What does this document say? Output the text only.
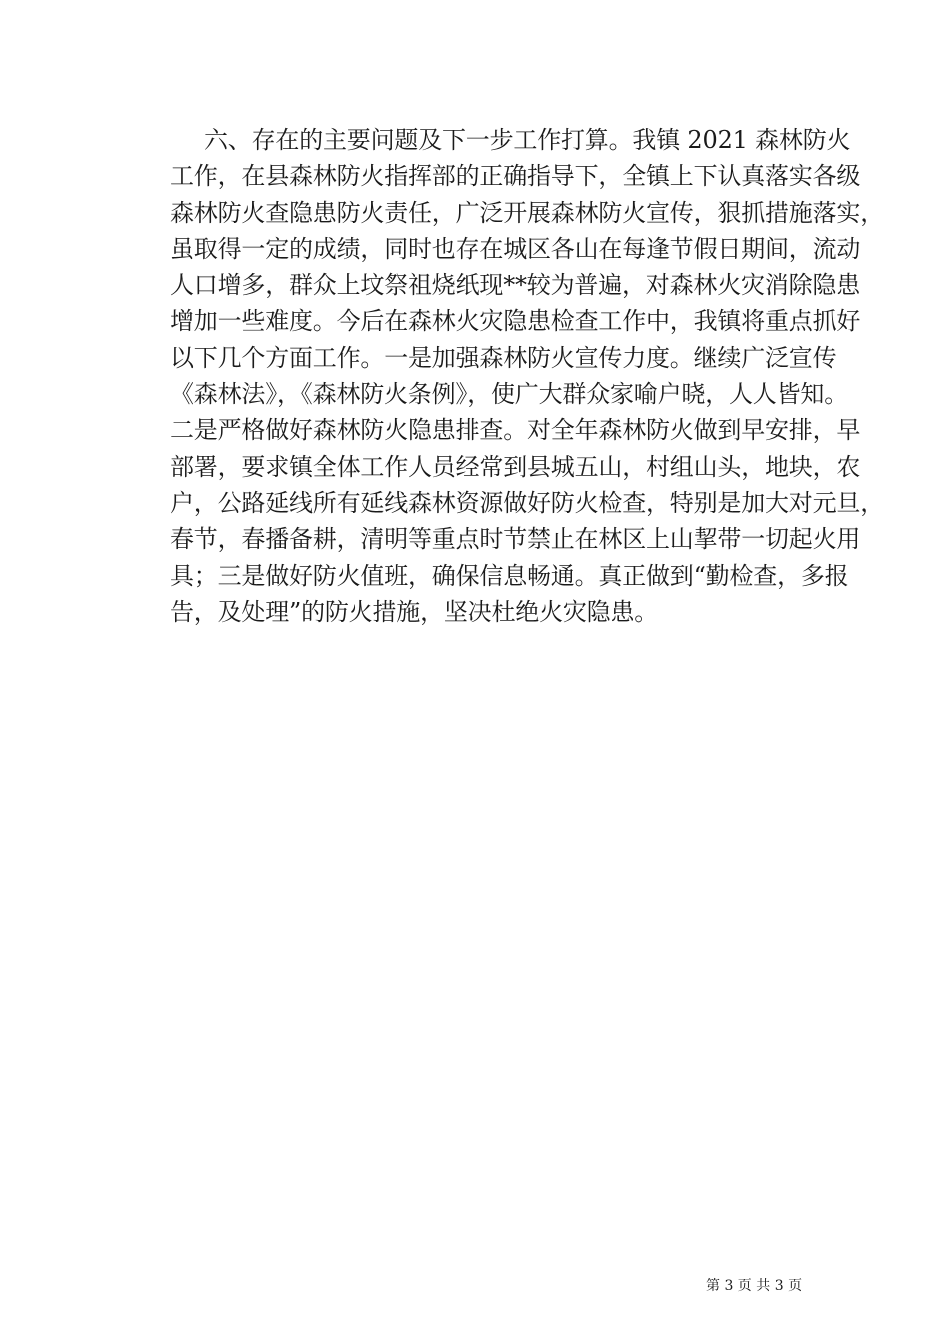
六、存在的主要问题及下一步工作打算。我镇 2021 森林防火
工作，在县森林防火指挥部的正确指导下，全镇上下认真落实各级
森林防火查隐患防火责任，广泛开展森林防火宣传，狠抓措施落实，
虽取得一定的成绩，同时也存在城区各山在每逢节假日期间，流动
人口增多，群众上坟祭祖烧纸现**较为普遍，对森林火灾消除隐患
增加一些难度。今后在森林火灾隐患检查工作中，我镇将重点抓好
以下几个方面工作。一是加强森林防火宣传力度。继续广泛宣传
《森林法》，《森林防火条例》，使广大群众家喻户晓，人人皆知。
二是严格做好森林防火隐患排查。对全年森林防火做到早安排，早
部署，要求镇全体工作人员经常到县城五山，村组山头，地块，农
户，公路延线所有延线森林资源做好防火检查，特别是加大对元旦，
春节，春播备耕，清明等重点时节禁止在林区上山挈带一切起火用
具；三是做好防火值班，确保信息畅通。真正做到“勤检查，多报
告，及处理”的防火措施，坚决杜绝火灾隐患。
第 3 页 共 3 页
